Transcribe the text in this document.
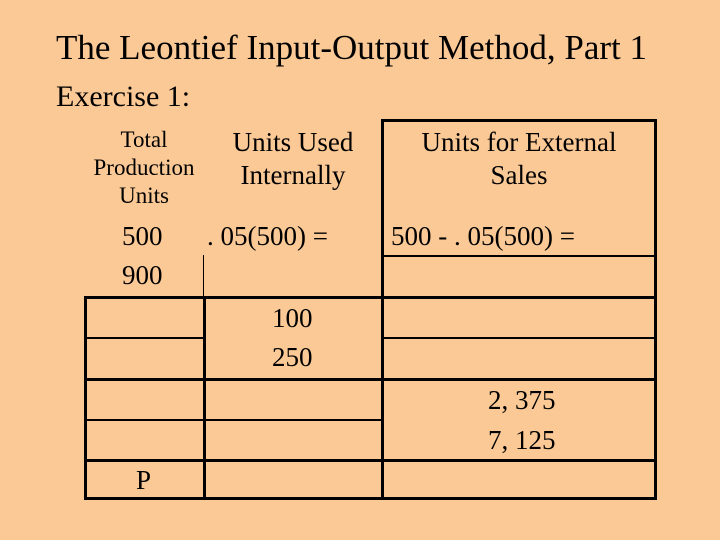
The Leontief Input-Output Method, Part 1
Exercise 1:
Total
Production
Units
Units Used
Internally
Units for External
Sales
500 . 05(500) = 500 - . 05(500) =
900
100
250
2, 375
7, 125
P
